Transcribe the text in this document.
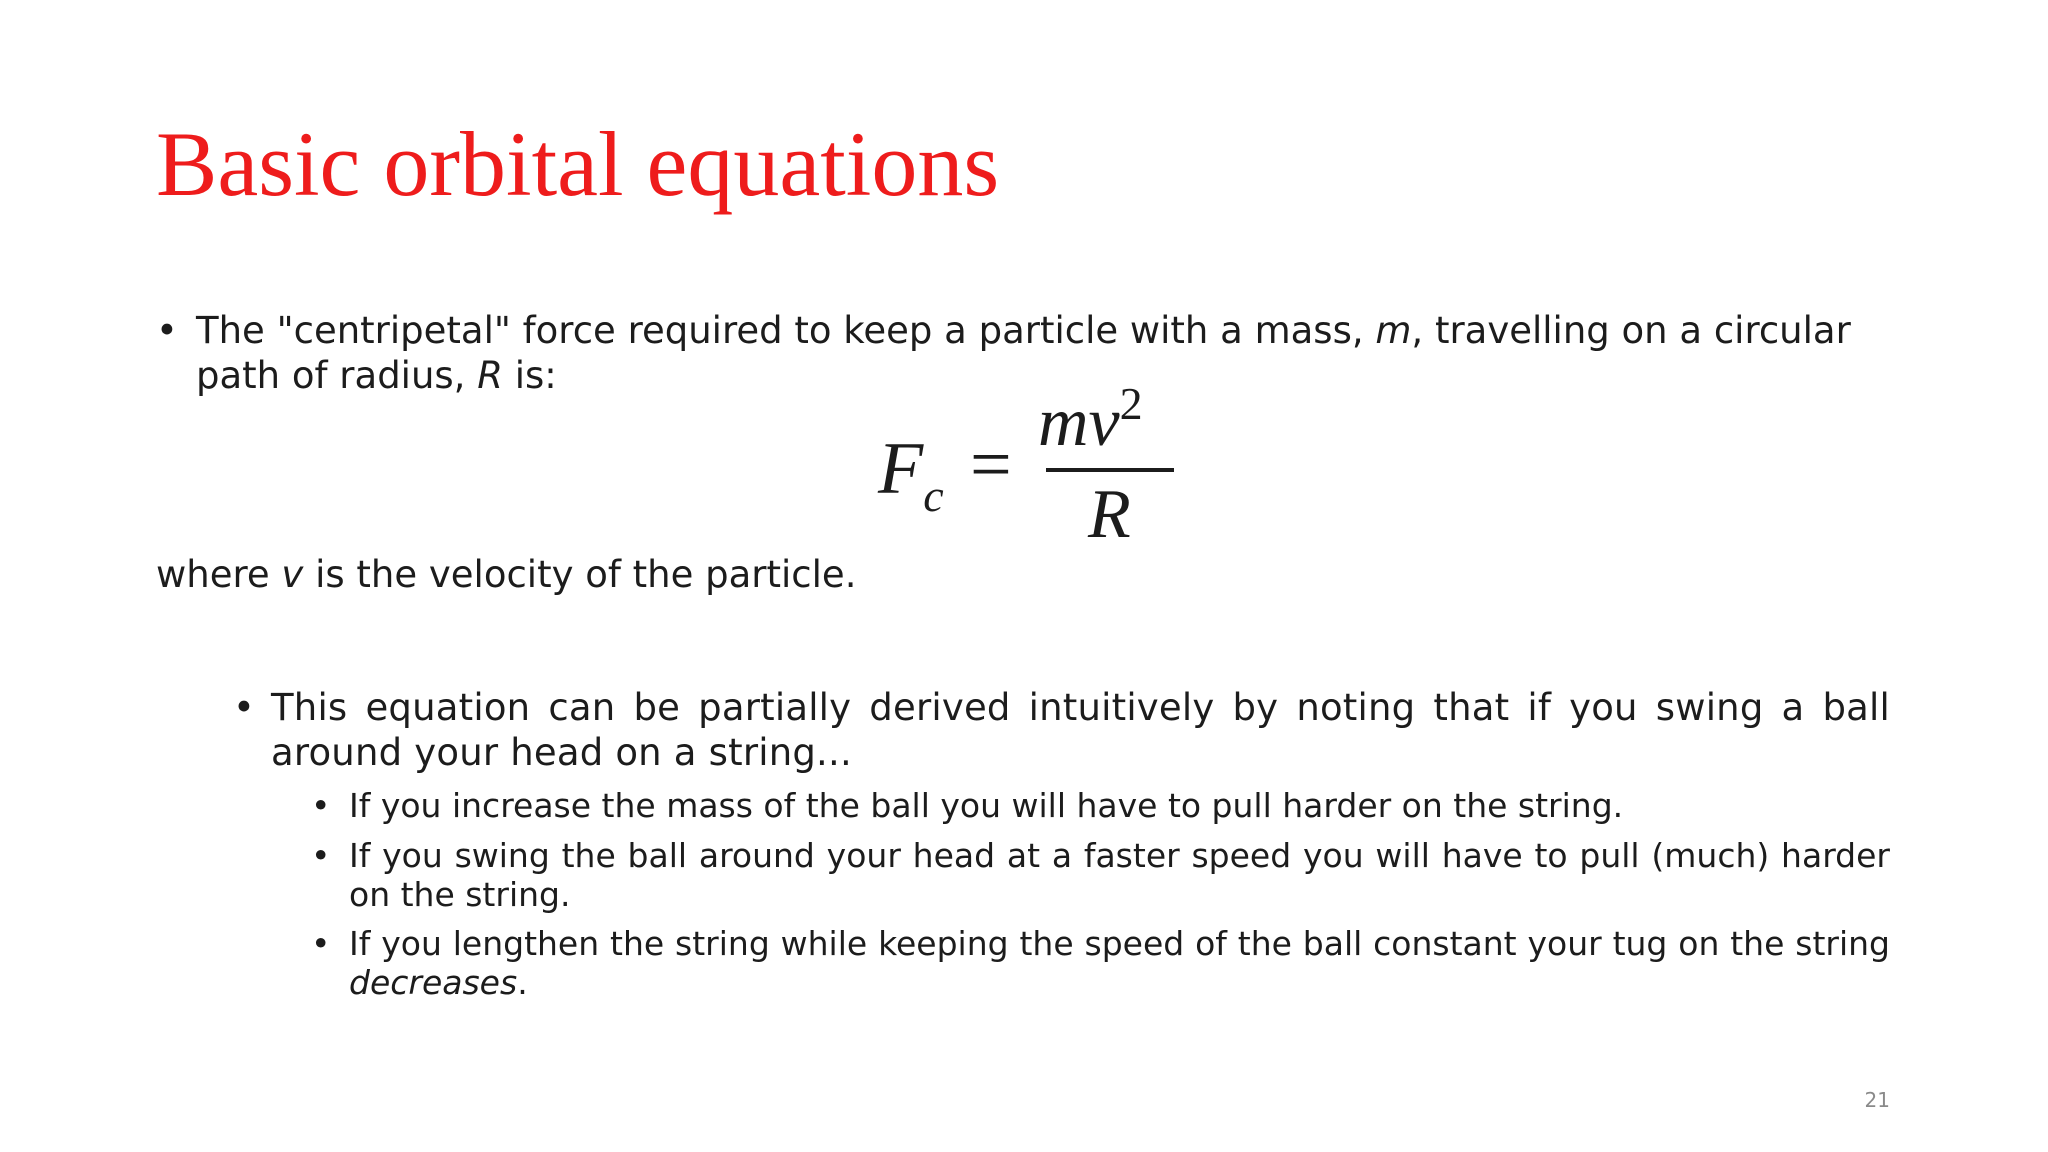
Basic orbital equations
• The "centripetal" force required to keep a particle with a mass, m, travelling on a circular path of radius, R is:
$F_c$ =
$mv^2$
R
where v is the velocity of the particle.
• This equation can be partially derived intuitively by noting that if you swing a ball around your head on a string...
• If you increase the mass of the ball you will have to pull harder on the string.
• If you swing the ball around your head at a faster speed you will have to pull (much) harder on the string.
• If you lengthen the string while keeping the speed of the ball constant your tug on the string decreases.
21
